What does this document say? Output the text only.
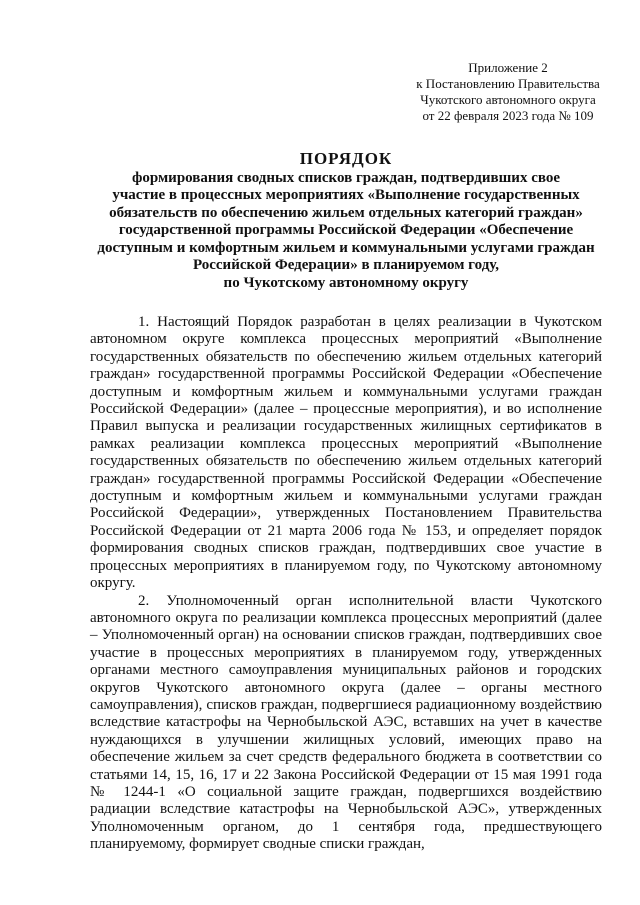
Приложение 2
к Постановлению Правительства
Чукотского автономного округа
от 22 февраля 2023 года № 109
ПОРЯДОК
формирования сводных списков граждан, подтвердивших свое
участие в процессных мероприятиях «Выполнение государственных
обязательств по обеспечению жильем отдельных категорий граждан»
государственной программы Российской Федерации «Обеспечение
доступным и комфортным жильем и коммунальными услугами граждан
Российской Федерации» в планируемом году,
по Чукотскому автономному округу

1. Настоящий Порядок разработан в целях реализации в Чукотском автономном округе комплекса процессных мероприятий «Выполнение государственных обязательств по обеспечению жильем отдельных категорий граждан» государственной программы Российской Федерации «Обеспечение доступным и комфортным жильем и коммунальными услугами граждан Российской Федерации» (далее – процессные мероприятия), и во исполнение Правил выпуска и реализации государственных жилищных сертификатов в рамках реализации комплекса процессных мероприятий «Выполнение государственных обязательств по обеспечению жильем отдельных категорий граждан» государственной программы Российской Федерации «Обеспечение доступным и комфортным жильем и коммунальными услугами граждан Российской Федерации», утвержденных Постановлением Правительства Российской Федерации от 21 марта 2006 года № 153, и определяет порядок формирования сводных списков граждан, подтвердивших свое участие в процессных мероприятиях в планируемом году, по Чукотскому автономному округу.

2. Уполномоченный орган исполнительной власти Чукотского автономного округа по реализации комплекса процессных мероприятий (далее – Уполномоченный орган) на основании списков граждан, подтвердивших свое участие в процессных мероприятиях в планируемом году, утвержденных органами местного самоуправления муниципальных районов и городских округов Чукотского автономного округа (далее – органы местного самоуправления), списков граждан, подвергшиеся радиационному воздействию вследствие катастрофы на Чернобыльской АЭС, вставших на учет в качестве нуждающихся в улучшении жилищных условий, имеющих право на обеспечение жильем за счет средств федерального бюджета в соответствии со статьями 14, 15, 16, 17 и 22 Закона Российской Федерации от 15 мая 1991 года № 1244-1 «О социальной защите граждан, подвергшихся воздействию радиации вследствие катастрофы на Чернобыльской АЭС», утвержденных Уполномоченным органом, до 1 сентября года, предшествующего планируемому, формирует сводные списки граждан,
